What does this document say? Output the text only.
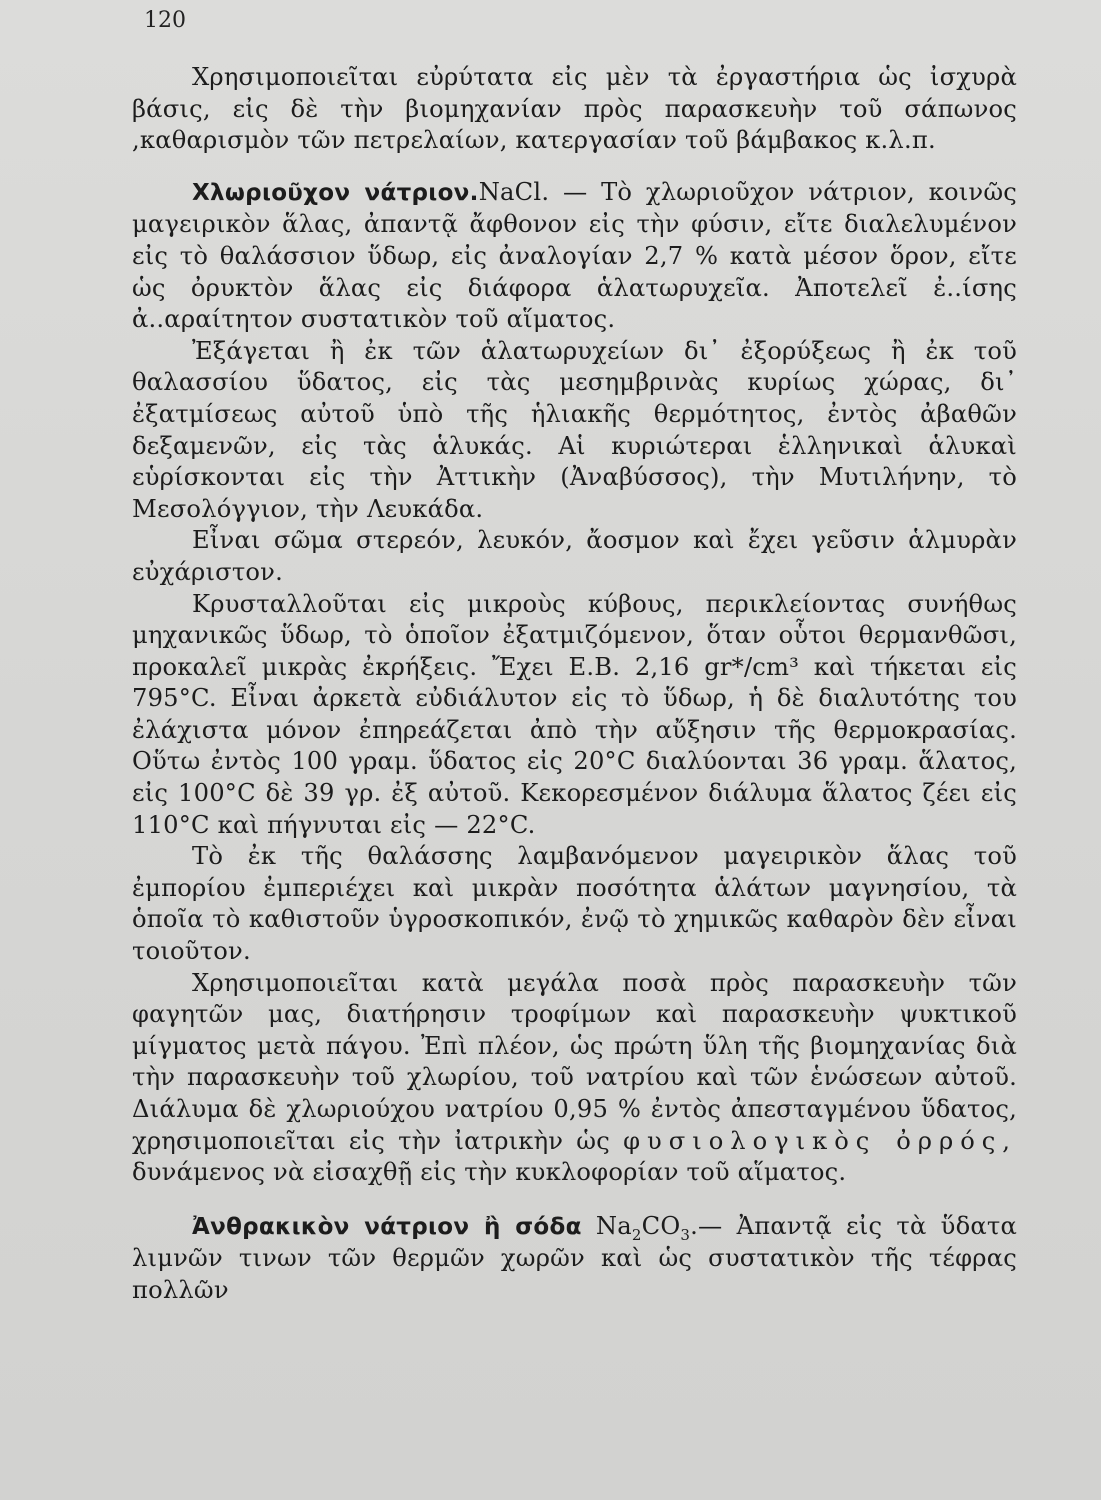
120

Χρησιμοποιεῖται εὐρύτατα εἰς μὲν τὰ ἐργαστήρια ὡς ἰσχυρὰ βάσις, εἰς δὲ τὴν βιομηχανίαν πρὸς παρασκευὴν τοῦ σάπωνος ,καθαρισμὸν τῶν πετρελαίων, κατεργασίαν τοῦ βάμβακος κ.λ.π.

Χλωριοῦχον νάτριον.NaCl. — Τὸ χλωριοῦχον νάτριον, κοινῶς μαγειρικὸν ἅλας, ἀπαντᾷ ἄφθονον εἰς τὴν φύσιν, εἴτε διαλελυμένον εἰς τὸ θαλάσσιον ὕδωρ, εἰς ἀναλογίαν 2,7 % κατὰ μέσον ὅρον, εἴτε ὡς ὀρυκτὸν ἅλας εἰς διάφορα ἁλατωρυχεῖα. Ἀποτελεῖ ἐ..ίσης ἀ..αραίτητον συστατικὸν τοῦ αἵματος.

Ἐξάγεται ἢ ἐκ τῶν ἁλατωρυχείων δι᾽ ἐξορύξεως ἢ ἐκ τοῦ θαλασσίου ὕδατος, εἰς τὰς μεσημβρινὰς κυρίως χώρας, δι᾽ ἐξατμίσεως αὐτοῦ ὑπὸ τῆς ἡλιακῆς θερμότητος, ἐντὸς ἀβαθῶν δεξαμενῶν, εἰς τὰς ἁλυκάς. Αἱ κυριώτεραι ἑλληνικαὶ ἁλυκαὶ εὑρίσκονται εἰς τὴν Ἀττικὴν (Ἀναβύσσος), τὴν Μυτιλήνην, τὸ Μεσολόγγιον, τὴν Λευκάδα.

Εἶναι σῶμα στερεόν, λευκόν, ἄοσμον καὶ ἔχει γεῦσιν ἁλμυρὰν εὐχάριστον.

Κρυσταλλοῦται εἰς μικροὺς κύβους, περικλείοντας συνήθως μηχανικῶς ὕδωρ, τὸ ὁποῖον ἐξατμιζόμενον, ὅταν οὗτοι θερμανθῶσι, προκαλεῖ μικρὰς ἐκρήξεις. Ἔχει Ε.Β. 2,16 gr*/cm³ καὶ τήκεται εἰς 795°C. Εἶναι ἀρκετὰ εὐδιάλυτον εἰς τὸ ὕδωρ, ἡ δὲ διαλυτότης του ἐλάχιστα μόνον ἐπηρεάζεται ἀπὸ τὴν αὔξησιν τῆς θερμοκρασίας. Οὕτω ἐντὸς 100 γραμ. ὕδατος εἰς 20°C διαλύονται 36 γραμ. ἅλατος, εἰς 100°C δὲ 39 γρ. ἐξ αὐτοῦ. Κεκορεσμένον διάλυμα ἅλατος ζέει εἰς 110°C καὶ πήγνυται εἰς — 22°C.

Τὸ ἐκ τῆς θαλάσσης λαμβανόμενον μαγειρικὸν ἅλας τοῦ ἐμπορίου ἐμπεριέχει καὶ μικρὰν ποσότητα ἁλάτων μαγνησίου, τὰ ὁποῖα τὸ καθιστοῦν ὑγροσκοπικόν, ἐνῷ τὸ χημικῶς καθαρὸν δὲν εἶναι τοιοῦτον.

Χρησιμοποιεῖται κατὰ μεγάλα ποσὰ πρὸς παρασκευὴν τῶν φαγητῶν μας, διατήρησιν τροφίμων καὶ παρασκευὴν ψυκτικοῦ μίγματος μετὰ πάγου. Ἐπὶ πλέον, ὡς πρώτη ὕλη τῆς βιομηχανίας διὰ τὴν παρασκευὴν τοῦ χλωρίου, τοῦ νατρίου καὶ τῶν ἑνώσεων αὐτοῦ. Διάλυμα δὲ χλωριούχου νατρίου 0,95 % ἐντὸς ἀπεσταγμένου ὕδατος, χρησιμοποιεῖται εἰς τὴν ἰατρικὴν ὡς φυσιολογικὸς ὀρρός, δυνάμενος νὰ εἰσαχθῇ εἰς τὴν κυκλοφορίαν τοῦ αἵματος.

Ἀνθρακικὸν νάτριον ἢ σόδα $Na_2CO_3.—$ Ἀπαντᾷ εἰς τὰ ὕδατα λιμνῶν τινων τῶν θερμῶν χωρῶν καὶ ὡς συστατικὸν τῆς τέφρας πολλῶν
